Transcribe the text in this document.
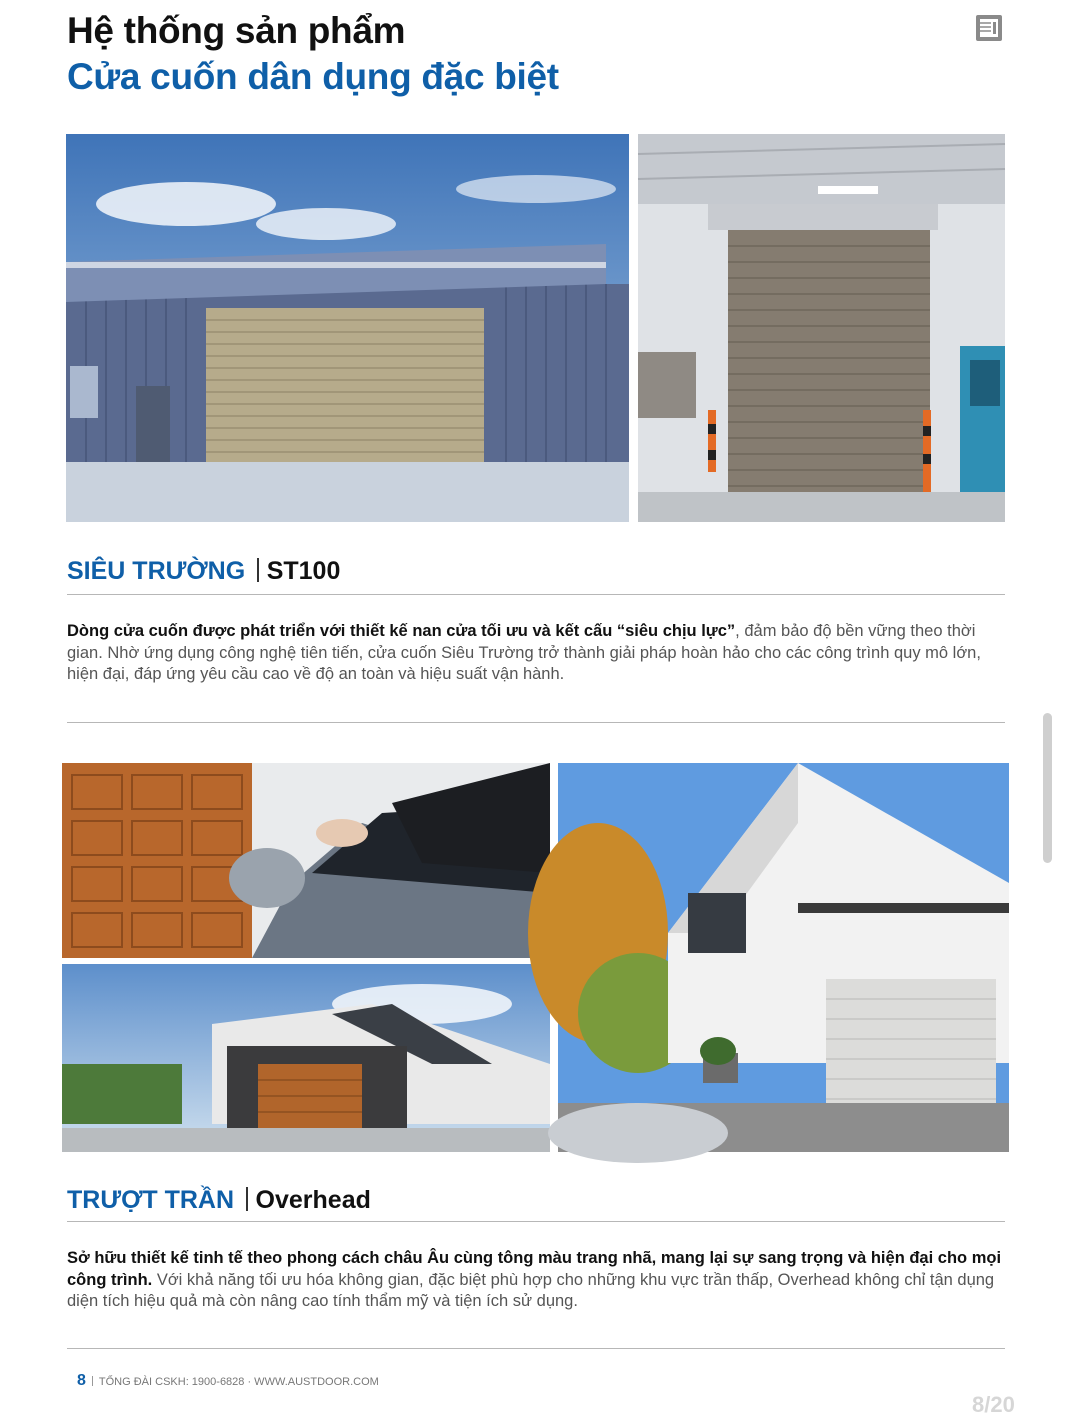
Hệ thống sản phẩm
Cửa cuốn dân dụng đặc biệt
SIÊU TRƯỜNG ST100

Dòng cửa cuốn được phát triển với thiết kế nan cửa tối ưu và kết cấu “siêu chịu lực”, đảm bảo độ bền vững theo thời gian. Nhờ ứng dụng công nghệ tiên tiến, cửa cuốn Siêu Trường trở thành giải pháp hoàn hảo cho các công trình quy mô lớn, hiện đại, đáp ứng yêu cầu cao về độ an toàn và hiệu suất vận hành.

TRƯỢT TRẦN Overhead

Sở hữu thiết kế tinh tế theo phong cách châu Âu cùng tông màu trang nhã, mang lại sự sang trọng và hiện đại cho mọi công trình. Với khả năng tối ưu hóa không gian, đặc biệt phù hợp cho những khu vực trần thấp, Overhead không chỉ tận dụng diện tích hiệu quả mà còn nâng cao tính thẩm mỹ và tiện ích sử dụng.

8 TỔNG ĐÀI CSKH: 1900-6828 · WWW.AUSTDOOR.COM
8/20
